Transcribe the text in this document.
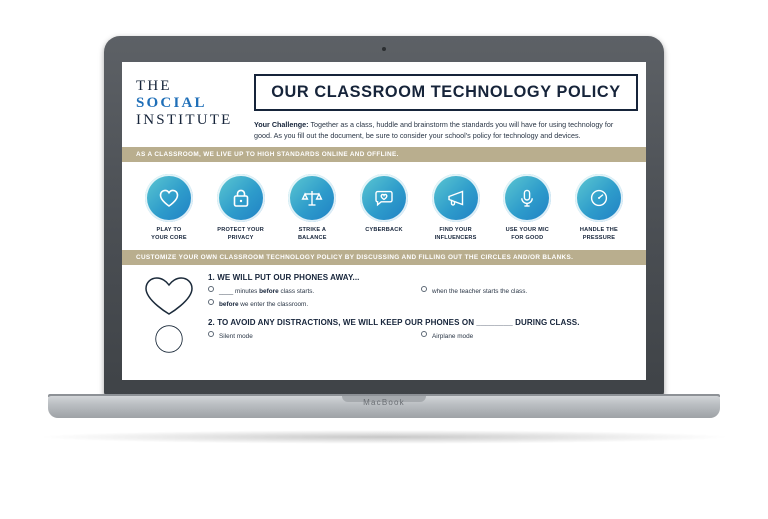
THE
SOCIAL
INSTITUTE
OUR CLASSROOM TECHNOLOGY POLICY
Your Challenge: Together as a class, huddle and brainstorm the standards you will have for using technology for good. As you fill out the document, be sure to consider your school's policy for technology and devices.
AS A CLASSROOM, WE LIVE UP TO HIGH STANDARDS ONLINE AND OFFLINE.
PLAY TO
YOUR CORE
PROTECT YOUR
PRIVACY
STRIKE A
BALANCE
CYBERBACK	FIND YOUR
INFLUENCERS
USE YOUR MIC
FOR GOOD
HANDLE THE
PRESSURE
CUSTOMIZE YOUR OWN CLASSROOM TECHNOLOGY POLICY BY DISCUSSING AND FILLING OUT THE CIRCLES AND/OR BLANKS.
1. WE WILL PUT OUR PHONES AWAY...
____ minutes before class starts.
before we enter the classroom.
when the teacher starts the class.
2. TO AVOID ANY DISTRACTIONS, WE WILL KEEP OUR PHONES ON ________ DURING CLASS.
Silent mode	Airplane mode
MacBook
